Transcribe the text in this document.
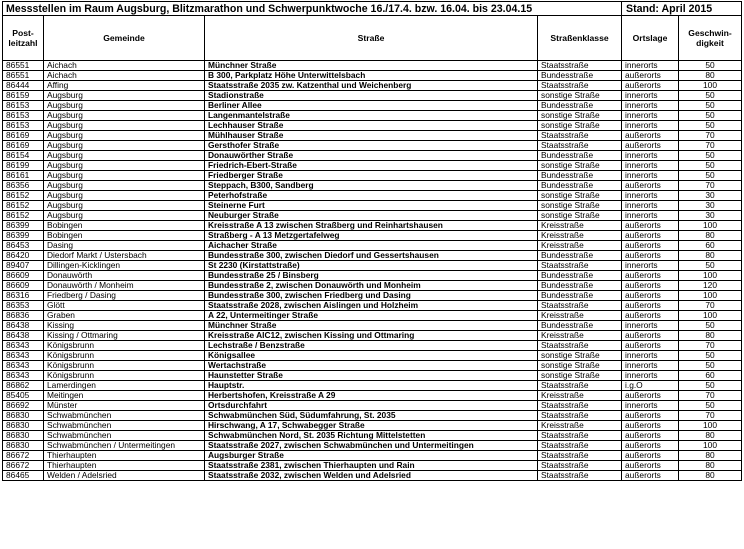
Messstellen im Raum Augsburg, Blitzmarathon und Schwerpunktwoche 16./17.4. bzw. 16.04. bis 23.04.15				Stand: April 2015	
Post-
leitzahl	Gemeinde	Straße	Straßenklasse	Ortslage	Geschwin-
digkeit
86551	Aichach	Münchner Straße	Staatsstraße	innerorts	50
86551	Aichach	B 300, Parkplatz Höhe Unterwittelsbach	Bundesstraße	außerorts	80
86444	Affing	Staatsstraße 2035 zw. Katzenthal und Weichenberg	Staatsstraße	außerorts	100
86159	Augsburg	Stadionstraße	sonstige Straße	innerorts	50
86153	Augsburg	Berliner Allee	Bundesstraße	innerorts	50
86153	Augsburg	Langenmantelstraße	sonstige Straße	innerorts	50
86153	Augsburg	Lechhauser Straße	sonstige Straße	innerorts	50
86169	Augsburg	Mühlhauser Straße	Staatsstraße	außerorts	70
86169	Augsburg	Gersthofer Straße	Staatsstraße	außerorts	70
86154	Augsburg	Donauwörther Straße	Bundesstraße	innerorts	50
86199	Augsburg	Friedrich-Ebert-Straße	sonstige Straße	innerorts	50
86161	Augsburg	Friedberger Straße	Bundesstraße	innerorts	50
86356	Augsburg	Steppach, B300, Sandberg	Bundesstraße	außerorts	70
86152	Augsburg	Peterhofstraße	sonstige Straße	innerorts	30
86152	Augsburg	Steinerne Furt	sonstige Straße	innerorts	30
86152	Augsburg	Neuburger Straße	sonstige Straße	innerorts	30
86399	Bobingen	Kreisstraße A 13 zwischen Straßberg und Reinhartshausen	Kreisstraße	außerorts	100
86399	Bobingen	Straßberg - A 13 Metzgertafelweg	Kreisstraße	außerorts	80
86453	Dasing	Aichacher Straße	Kreisstraße	außerorts	60
86420	Diedorf Markt / Ustersbach	Bundesstraße 300, zwischen Diedorf und Gessertshausen	Bundesstraße	außerorts	80
89407	Dillingen-Kicklingen	St 2230 (Kirstattstraße)	Staatsstraße	innerorts	50
86609	Donauwörth	Bundesstraße 25 / Binsberg	Bundesstraße	außerorts	100
86609	Donauwörth / Monheim	Bundesstraße 2, zwischen Donauwörth und Monheim	Bundesstraße	außerorts	120
86316	Friedberg / Dasing	Bundesstraße 300, zwischen Friedberg und Dasing	Bundesstraße	außerorts	100
86353	Glött	Staatsstraße 2028, zwischen Aislingen und Holzheim	Staatsstraße	außerorts	70
86836	Graben	A 22, Untermeitinger Straße	Kreisstraße	außerorts	100
86438	Kissing	Münchner Straße	Bundesstraße	innerorts	50
86438	Kissing / Ottmaring	Kreisstraße AIC12, zwischen Kissing und Ottmaring	Kreisstraße	außerorts	80
86343	Königsbrunn	Lechstraße / Benzstraße	Staatsstraße	außerorts	70
86343	Königsbrunn	Königsallee	sonstige Straße	innerorts	50
86343	Königsbrunn	Wertachstraße	sonstige Straße	innerorts	50
86343	Königsbrunn	Haunstetter Straße	sonstige Straße	innerorts	60
86862	Lamerdingen	Hauptstr.	Staatsstraße	i.g.O	50
85405	Meitingen	Herbertshofen, Kreisstraße A 29	Kreisstraße	außerorts	70
86692	Münster	Ortsdurchfahrt	Staatsstraße	innerorts	50
86830	Schwabmünchen	Schwabmünchen Süd, Südumfahrung, St. 2035	Staatsstraße	außerorts	70
86830	Schwabmünchen	Hirschwang, A 17, Schwabegger Straße	Kreisstraße	außerorts	100
86830	Schwabmünchen	Schwabmünchen Nord, St. 2035 Richtung Mittelstetten	Staatsstraße	außerorts	80
86830	Schwabmünchen / Untermeitingen	Staatsstraße 2027, zwischen Schwabmünchen und Untermeitingen	Staatsstraße	außerorts	100
86672	Thierhaupten	Augsburger Straße	Staatsstraße	außerorts	80
86672	Thierhaupten	Staatsstraße 2381, zwischen Thierhaupten und Rain	Staatsstraße	außerorts	80
86465	Welden / Adelsried	Staatsstraße 2032, zwischen Welden und Adelsried	Staatsstraße	außerorts	80
